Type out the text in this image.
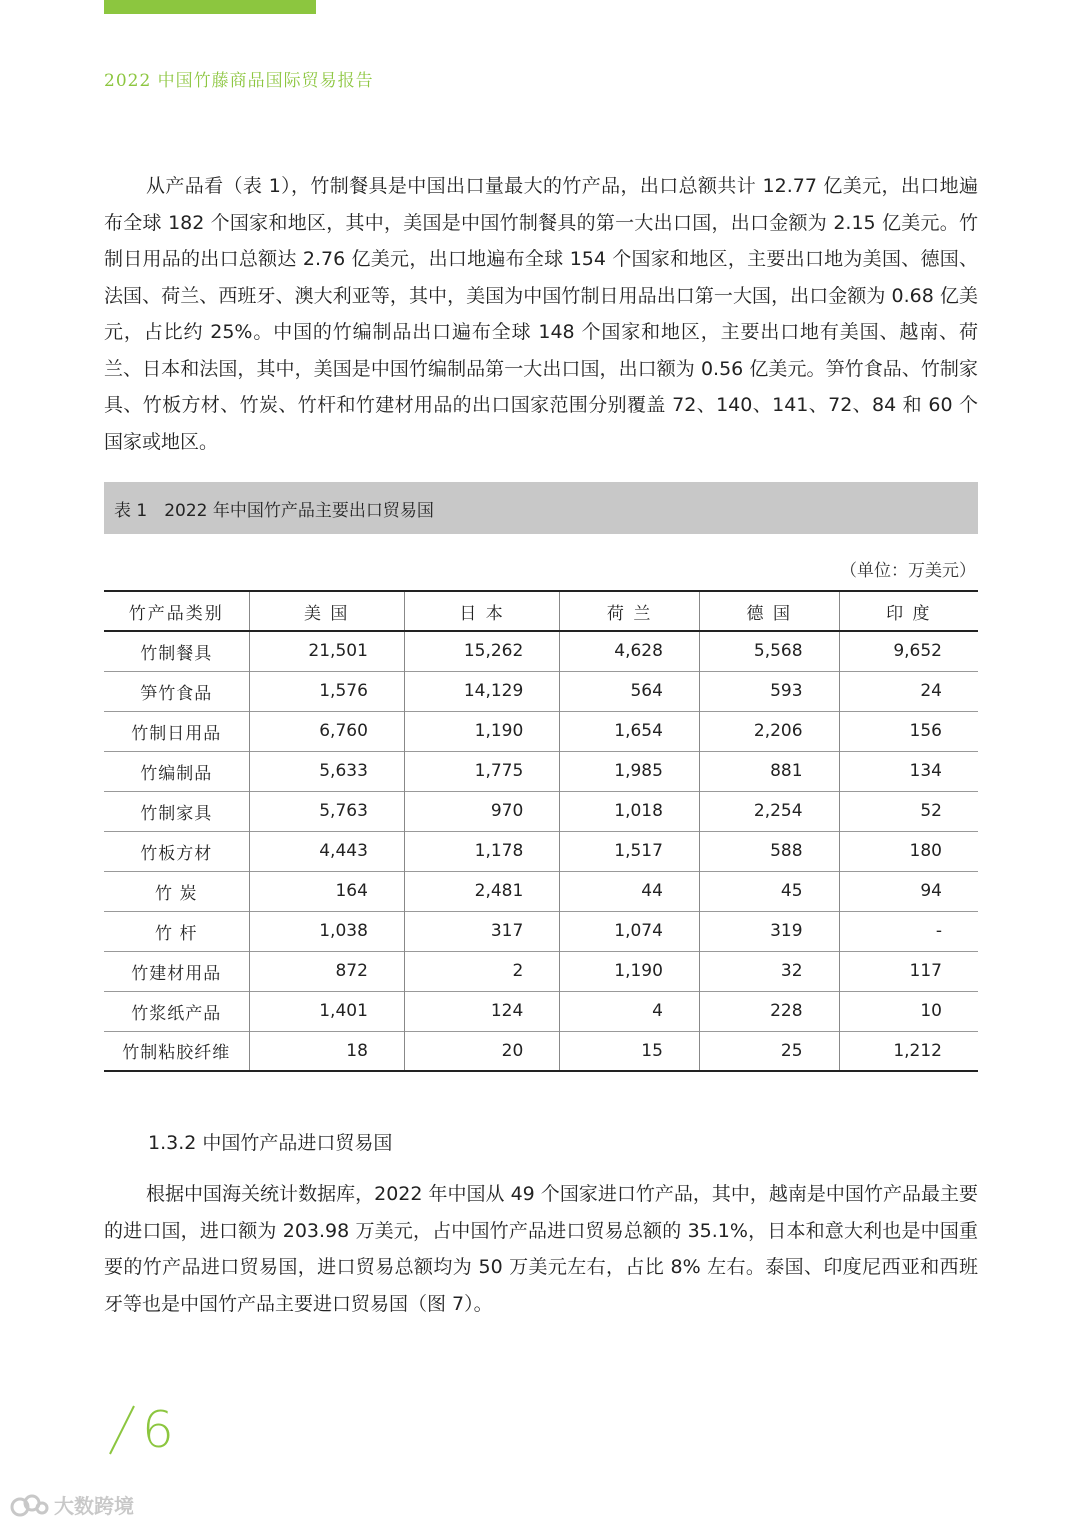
2022 中国竹藤商品国际贸易报告

从产品看（表 1），竹制餐具是中国出口量最大的竹产品，出口总额共计 12.77 亿美元，出口地遍布全球 182 个国家和地区，其中，美国是中国竹制餐具的第一大出口国，出口金额为 2.15 亿美元。竹制日用品的出口总额达 2.76 亿美元，出口地遍布全球 154 个国家和地区，主要出口地为美国、德国、法国、荷兰、西班牙、澳大利亚等，其中，美国为中国竹制日用品出口第一大国，出口金额为 0.68 亿美元，占比约 25%。中国的竹编制品出口遍布全球 148 个国家和地区，主要出口地有美国、越南、荷兰、日本和法国，其中，美国是中国竹编制品第一大出口国，出口额为 0.56 亿美元。笋竹食品、竹制家具、竹板方材、竹炭、竹杆和竹建材用品的出口国家范围分别覆盖 72、140、141、72、84 和 60 个国家或地区。

表 1　2022 年中国竹产品主要出口贸易国
（单位：万美元）
竹产品类别	美 国	日 本	荷 兰	德 国	印 度
竹制餐具	21,501	15,262	4,628	5,568	9,652
笋竹食品	1,576	14,129	564	593	24
竹制日用品	6,760	1,190	1,654	2,206	156
竹编制品	5,633	1,775	1,985	881	134
竹制家具	5,763	970	1,018	2,254	52
竹板方材	4,443	1,178	1,517	588	180
竹 炭	164	2,481	44	45	94
竹 杆	1,038	317	1,074	319	-
竹建材用品	872	2	1,190	32	117
竹浆纸产品	1,401	124	4	228	10
竹制粘胶纤维	18	20	15	25	1,212
1.3.2 中国竹产品进口贸易国

根据中国海关统计数据库，2022 年中国从 49 个国家进口竹产品，其中，越南是中国竹产品最主要的进口国，进口额为 203.98 万美元，占中国竹产品进口贸易总额的 35.1%，日本和意大利也是中国重要的竹产品进口贸易国，进口贸易总额均为 50 万美元左右，占比 8% 左右。泰国、印度尼西亚和西班牙等也是中国竹产品主要进口贸易国（图 7）。

6
大数跨境
